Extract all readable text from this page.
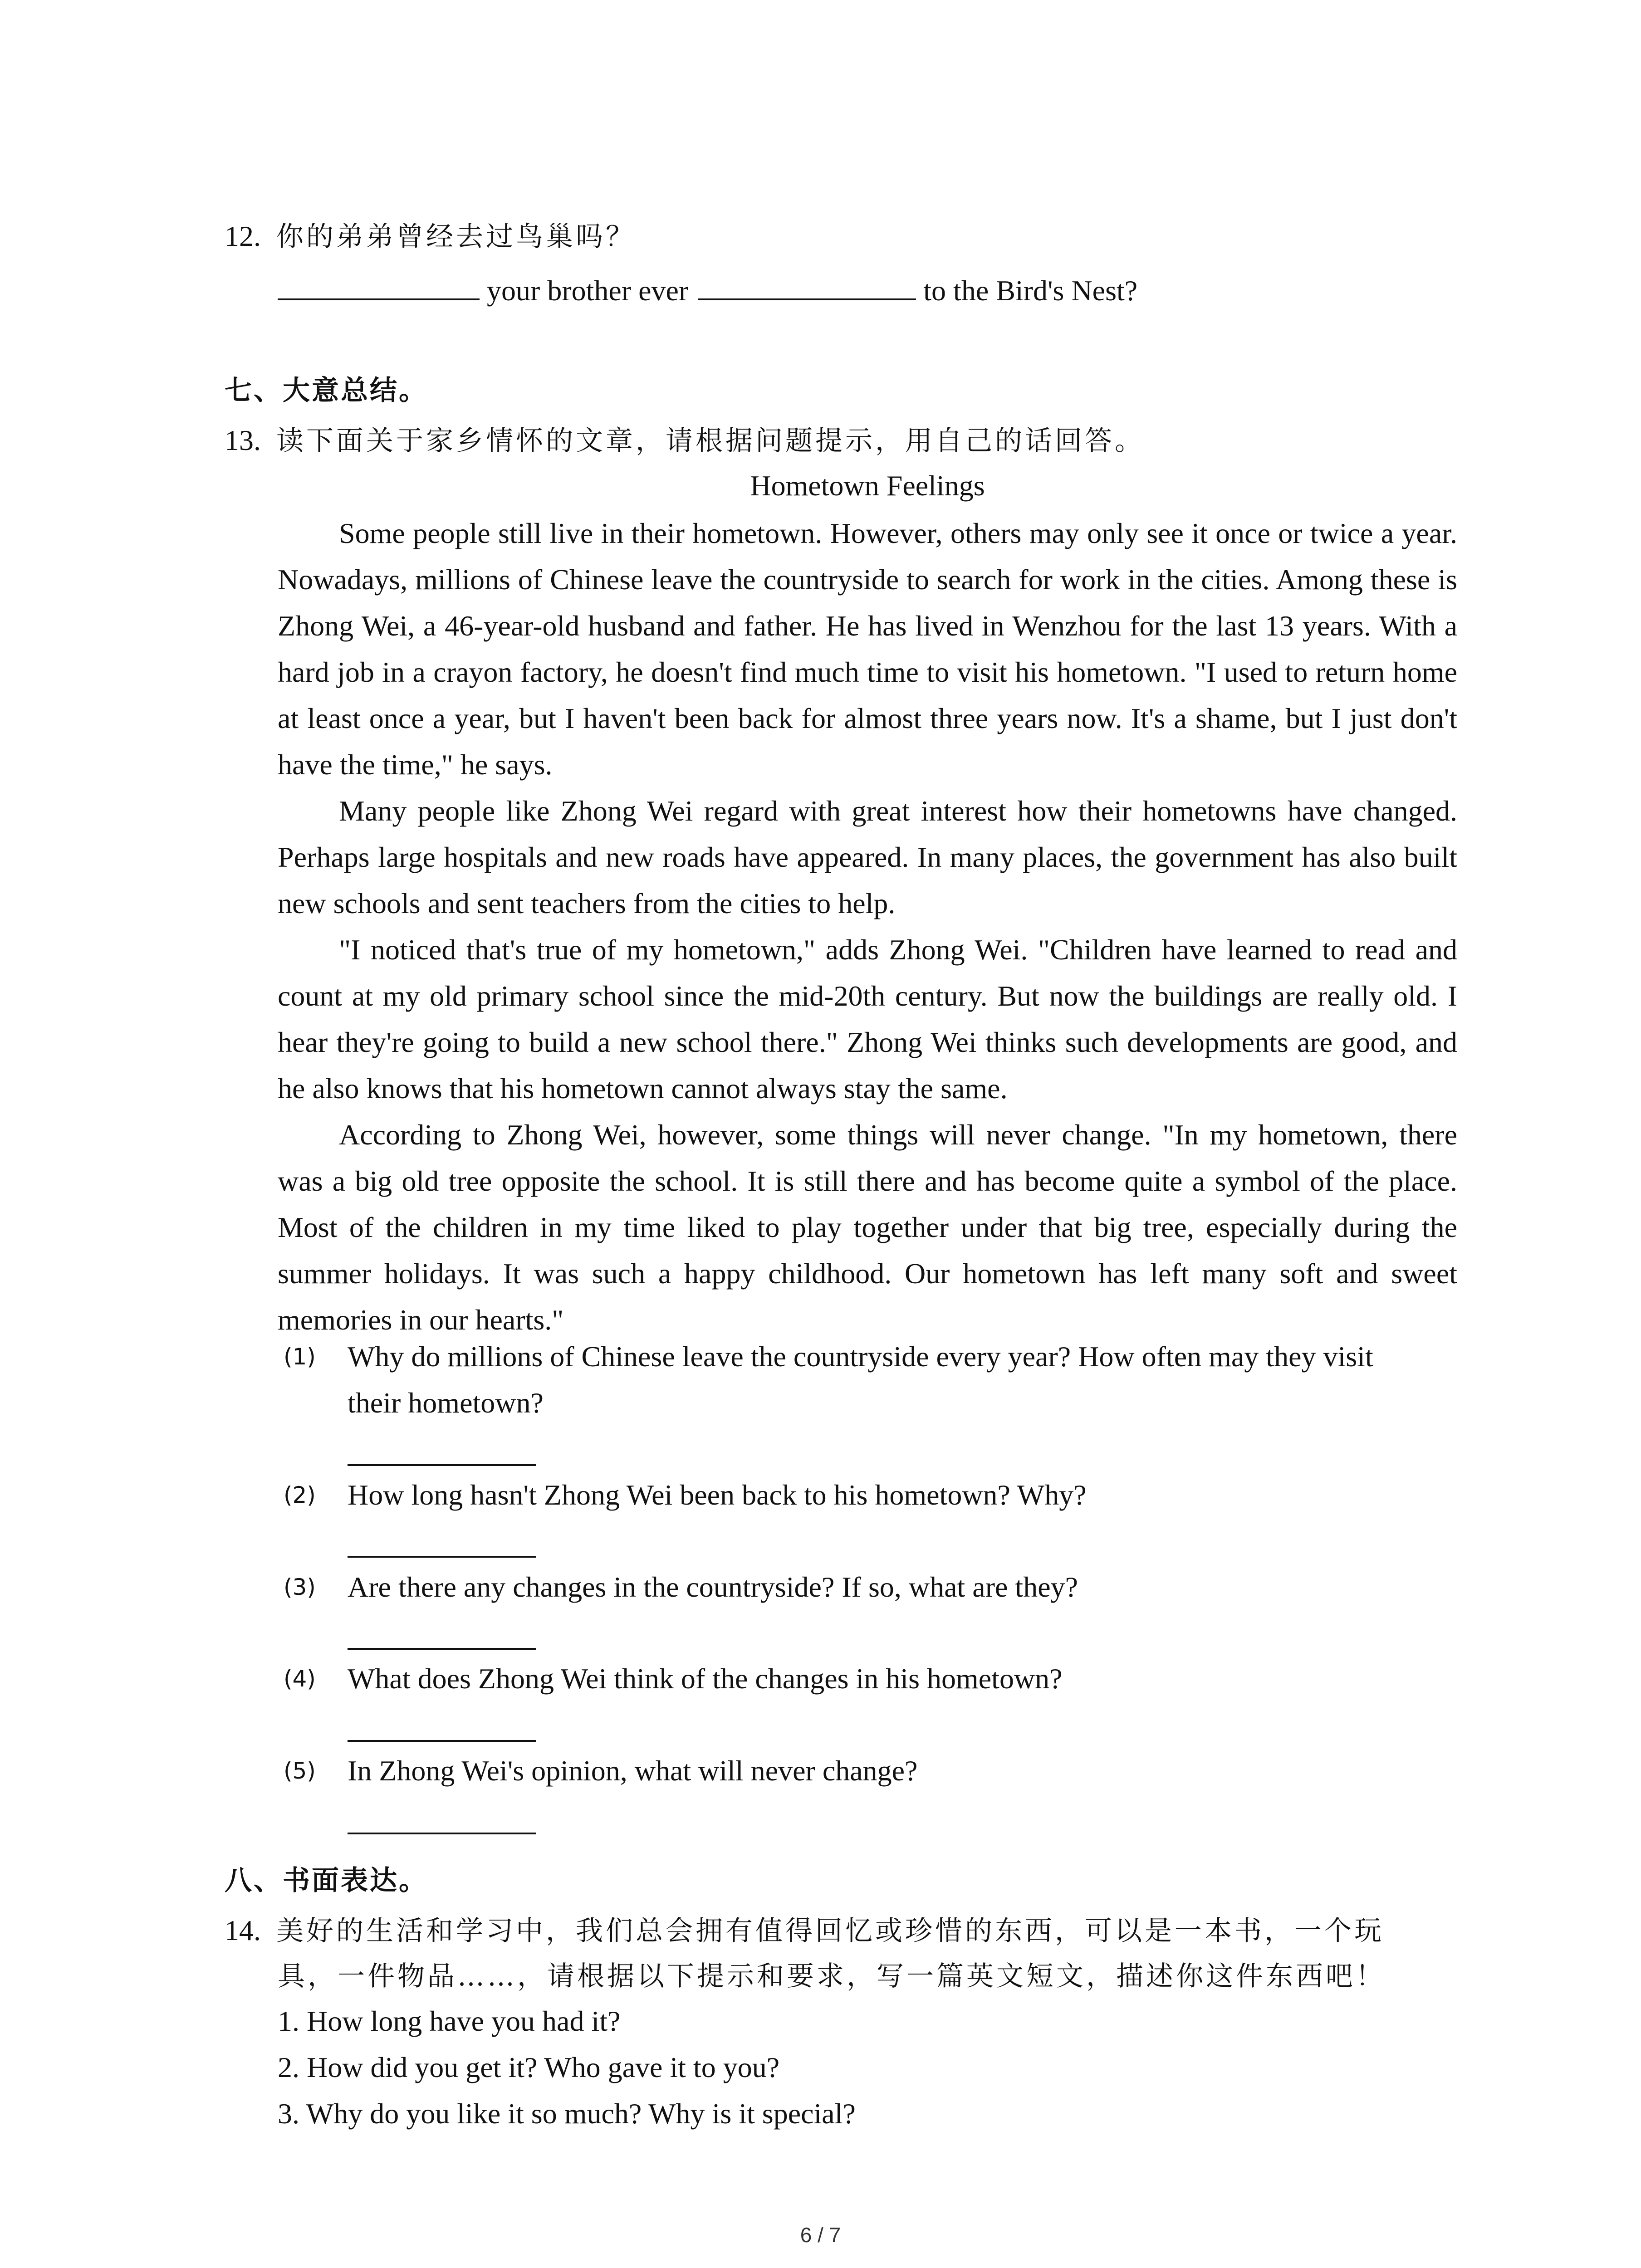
12. 你的弟弟曾经去过鸟巢吗？
your brother ever	to the Bird's Nest?
七、大意总结。
13. 读下面关于家乡情怀的文章，请根据问题提示，用自己的话回答。
Hometown Feelings

Some people still live in their hometown. However, others may only see it once or twice a year. Nowadays, millions of Chinese leave the countryside to search for work in the cities. Among these is Zhong Wei, a 46-year-old husband and father. He has lived in Wenzhou for the last 13 years. With a hard job in a crayon factory, he doesn't find much time to visit his hometown. "I used to return home at least once a year, but I haven't been back for almost three years now. It's a shame, but I just don't have the time," he says.

Many people like Zhong Wei regard with great interest how their hometowns have changed. Perhaps large hospitals and new roads have appeared. In many places, the government has also built new schools and sent teachers from the cities to help.

"I noticed that's true of my hometown," adds Zhong Wei. "Children have learned to read and count at my old primary school since the mid-20th century. But now the buildings are really old. I hear they're going to build a new school there." Zhong Wei thinks such developments are good, and he also knows that his hometown cannot always stay the same.

According to Zhong Wei, however, some things will never change. "In my hometown, there was a big old tree opposite the school. It is still there and has become quite a symbol of the place. Most of the children in my time liked to play together under that big tree, especially during the summer holidays. It was such a happy childhood. Our hometown has left many soft and sweet memories in our hearts."

(1) Why do millions of Chinese leave the countryside every year? How often may they visit
their hometown?
(2) How long hasn't Zhong Wei been back to his hometown? Why?
(3) Are there any changes in the countryside? If so, what are they?
(4) What does Zhong Wei think of the changes in his hometown?
(5) In Zhong Wei's opinion, what will never change?
八、书面表达。
14. 美好的生活和学习中，我们总会拥有值得回忆或珍惜的东西，可以是一本书，一个玩
具，一件物品……，请根据以下提示和要求，写一篇英文短文，描述你这件东西吧！
1. How long have you had it?
2. How did you get it? Who gave it to you?
3. Why do you like it so much? Why is it special?
6 / 7
